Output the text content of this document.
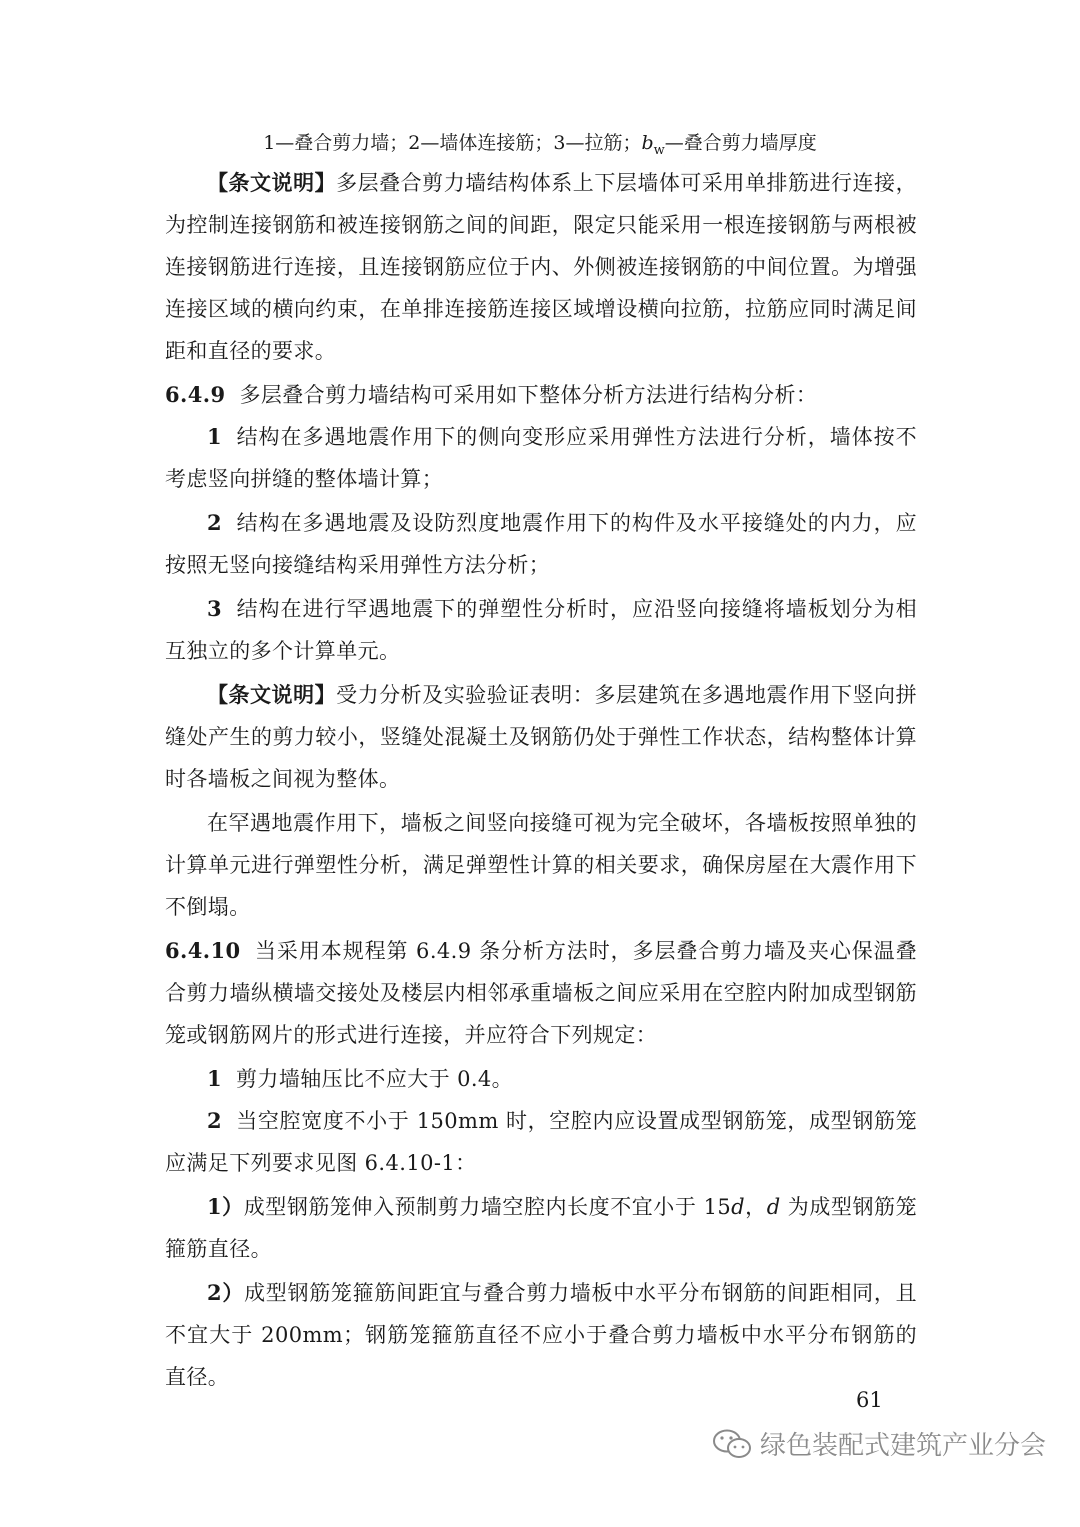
1—叠合剪力墙；2—墙体连接筋；3—拉筋；$b_w—$叠合剪力墙厚度
【条文说明】多层叠合剪力墙结构体系上下层墙体可采用单排筋进行连接，为控制连接钢筋和被连接钢筋之间的间距，限定只能采用一根连接钢筋与两根被连接钢筋进行连接，且连接钢筋应位于内、外侧被连接钢筋的中间位置。为增强连接区域的横向约束，在单排连接筋连接区域增设横向拉筋，拉筋应同时满足间距和直径的要求。
6.4.9 多层叠合剪力墙结构可采用如下整体分析方法进行结构分析：
1 结构在多遇地震作用下的侧向变形应采用弹性方法进行分析，墙体按不考虑竖向拼缝的整体墙计算；
2 结构在多遇地震及设防烈度地震作用下的构件及水平接缝处的内力，应按照无竖向接缝结构采用弹性方法分析；
3 结构在进行罕遇地震下的弹塑性分析时，应沿竖向接缝将墙板划分为相互独立的多个计算单元。
【条文说明】受力分析及实验验证表明：多层建筑在多遇地震作用下竖向拼缝处产生的剪力较小，竖缝处混凝土及钢筋仍处于弹性工作状态，结构整体计算时各墙板之间视为整体。
在罕遇地震作用下，墙板之间竖向接缝可视为完全破坏，各墙板按照单独的计算单元进行弹塑性分析，满足弹塑性计算的相关要求，确保房屋在大震作用下不倒塌。
6.4.10 当采用本规程第 6.4.9 条分析方法时，多层叠合剪力墙及夹心保温叠合剪力墙纵横墙交接处及楼层内相邻承重墙板之间应采用在空腔内附加成型钢筋笼或钢筋网片的形式进行连接，并应符合下列规定：
1 剪力墙轴压比不应大于 0.4。
2 当空腔宽度不小于 150mm 时，空腔内应设置成型钢筋笼，成型钢筋笼应满足下列要求见图 6.4.10-1：
1）成型钢筋笼伸入预制剪力墙空腔内长度不宜小于 15d，d 为成型钢筋笼箍筋直径。
2）成型钢筋笼箍筋间距宜与叠合剪力墙板中水平分布钢筋的间距相同，且不宜大于 200mm；钢筋笼箍筋直径不应小于叠合剪力墙板中水平分布钢筋的直径。
61
绿色装配式建筑产业分会
